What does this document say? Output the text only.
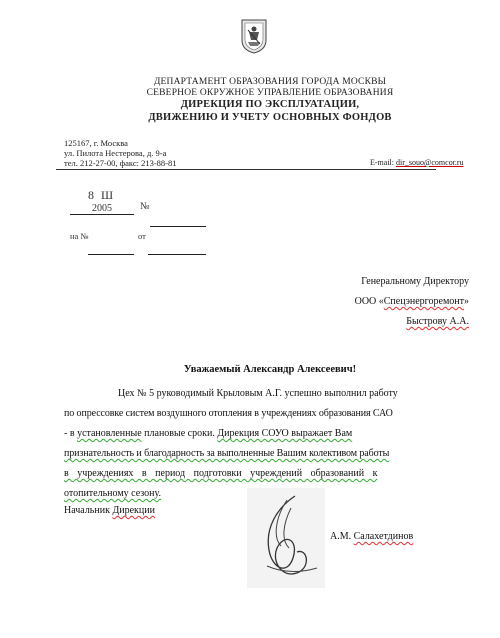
ДЕПАРТАМЕНТ ОБРАЗОВАНИЯ ГОРОДА МОСКВЫ
СЕВЕРНОЕ ОКРУЖНОЕ УПРАВЛЕНИЕ ОБРАЗОВАНИЯ
ДИРЕКЦИЯ ПО ЭКСПЛУАТАЦИИ,
ДВИЖЕНИЮ И УЧЕТУ ОСНОВНЫХ ФОНДОВ
125167, г. Москва
ул. Пилота Нестерова, д. 9-а
тел. 212-27-00, факс: 213-88-81	E-mail: dir_souo@comcor.ru
8 Ш
2005	№
на №	от
Генеральному Директору
ООО «Спецэнергоремонт»
Быстрову А.А.
Уважаемый Александр Алексеевич!
Цех № 5 руководимый Крыловым А.Г. успешно выполнил работу
по опрессовке систем воздушного отопления в учреждениях образования САО
- в установленные плановые сроки. Дирекция СОУО выражает Вам
признательность и благодарность за выполненные Вашим колективом работы
в учреждениях в период подготовки учреждений образований к
отопительному сезону.
Начальник Дирекции
А.М. Салахетдинов
